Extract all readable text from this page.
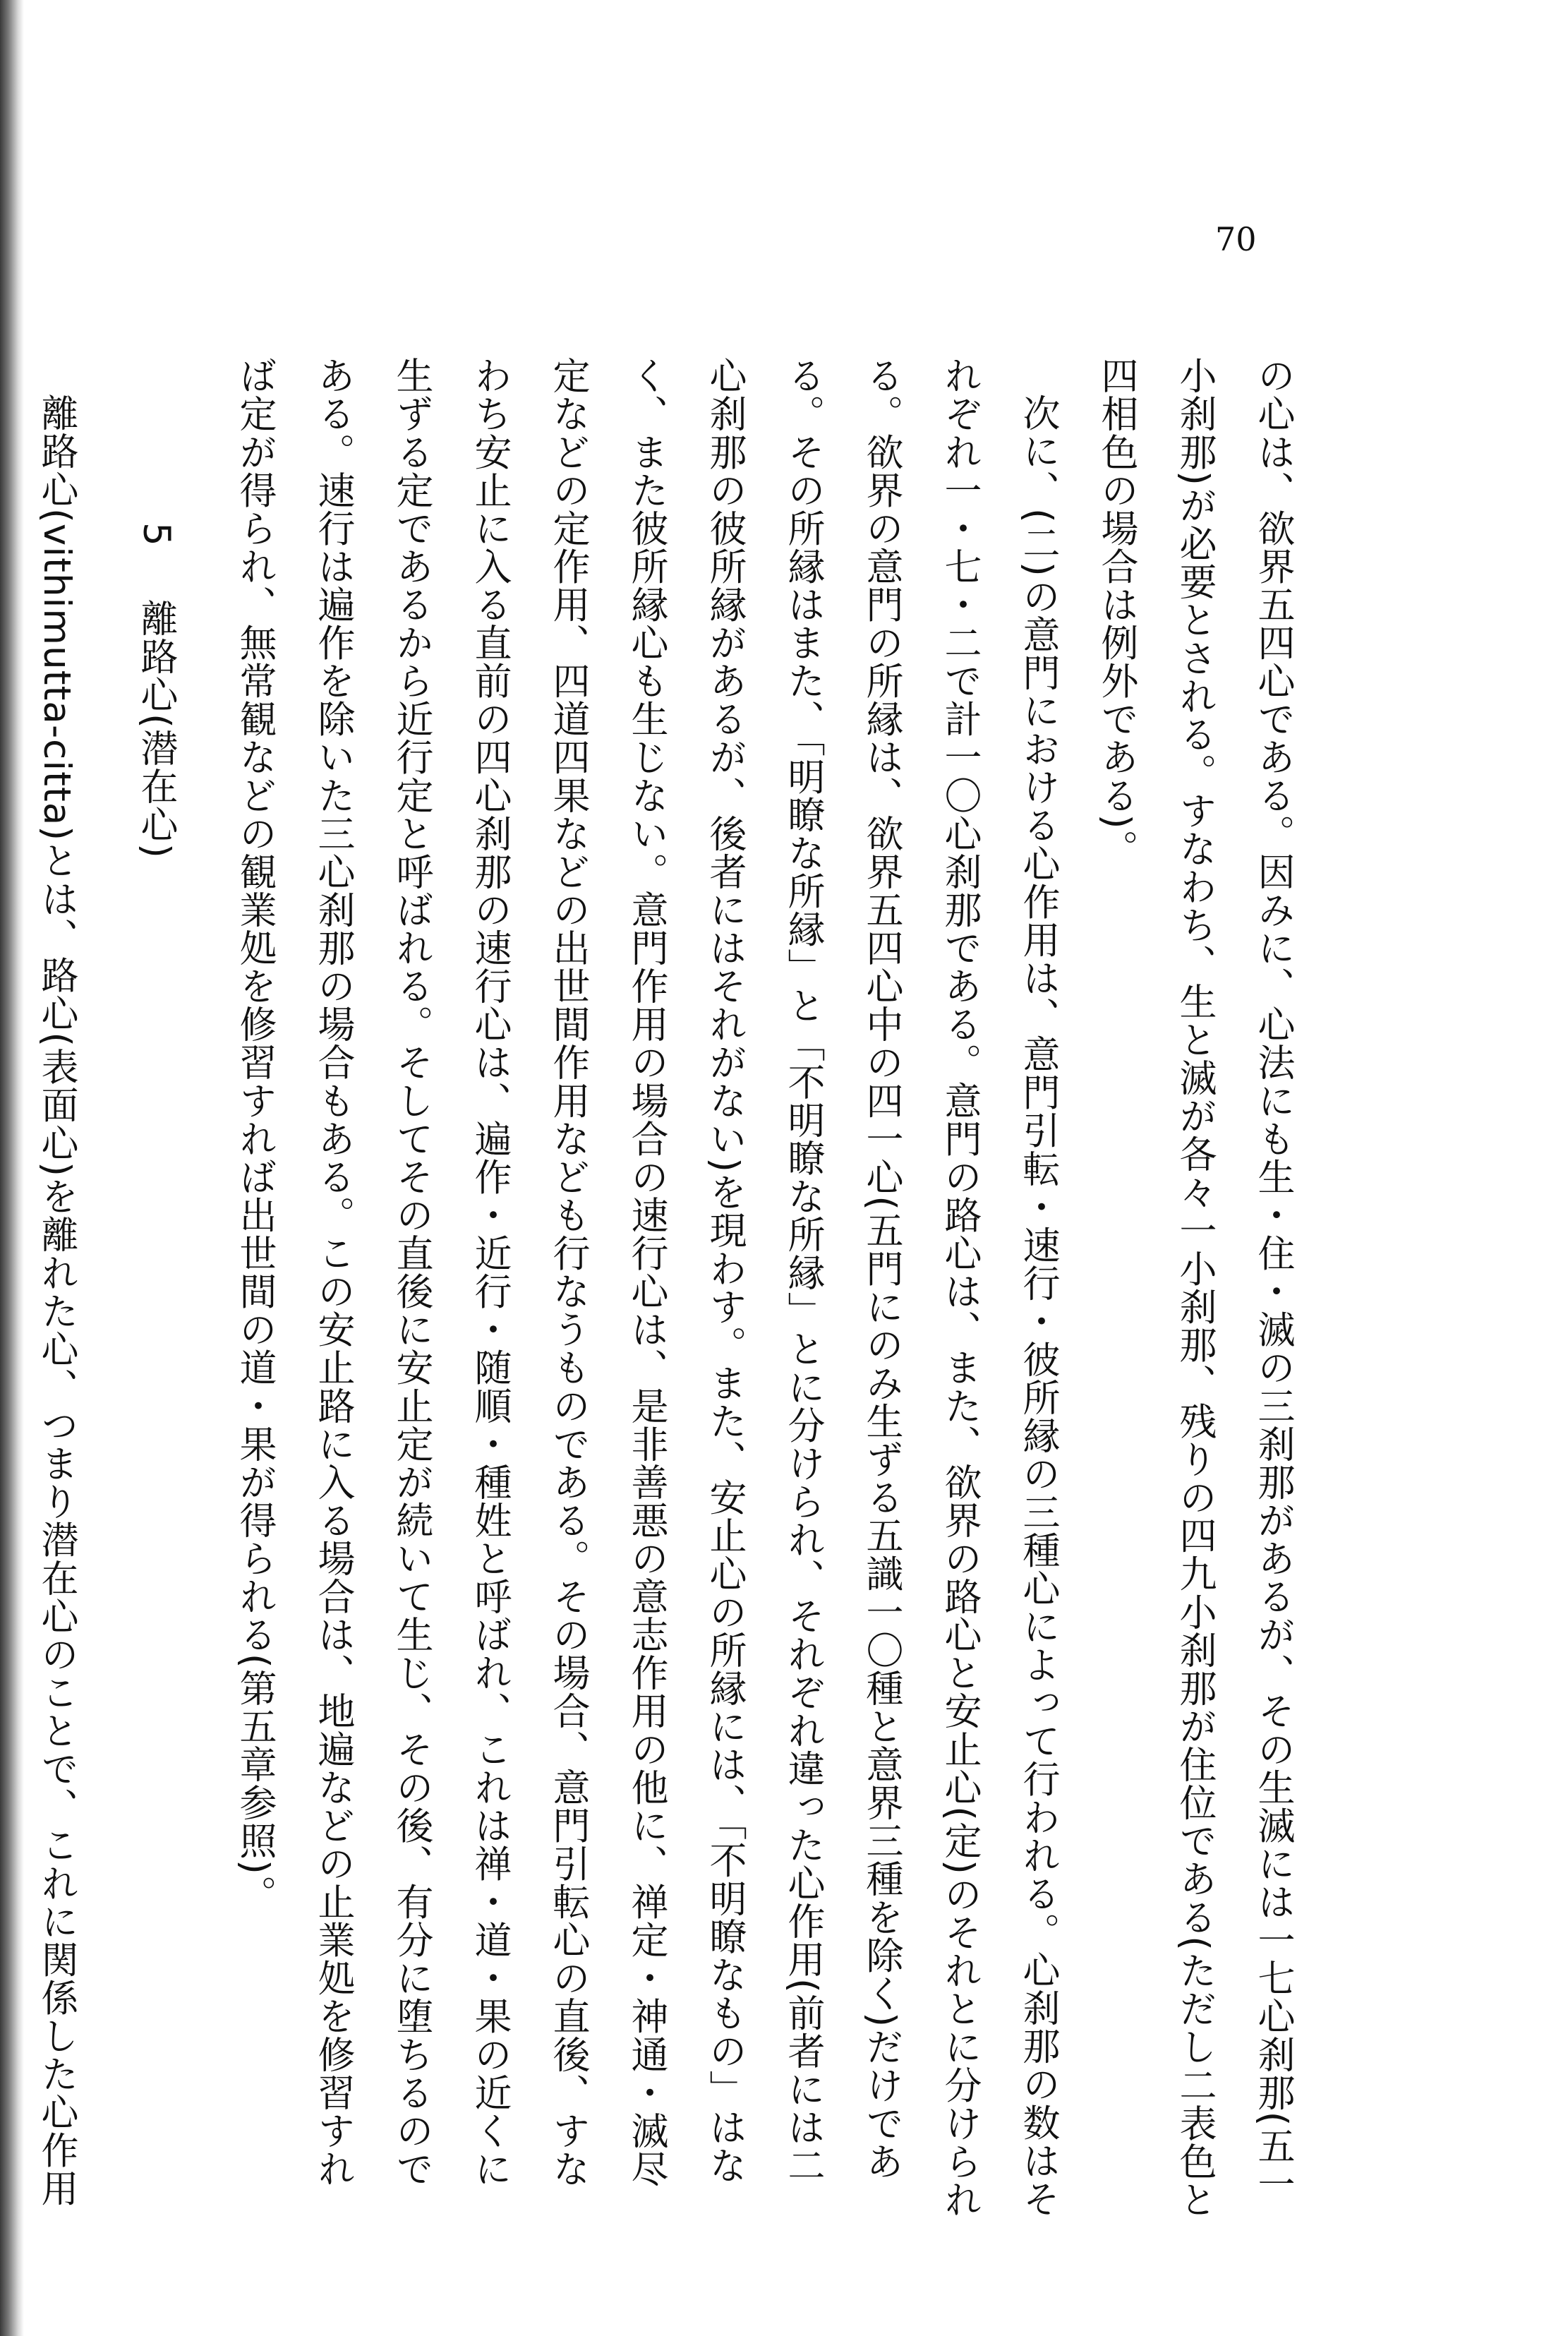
70

の心は、欲界五四心である。因みに、心法にも生・住・滅の三刹那があるが、その生滅には一七心刹那(五一小刹那)が必要とされる。すなわち、生と滅が各々一小刹那、残りの四九小刹那が住位である(ただし二表色と四相色の場合は例外である)。

次に、(二)の意門における心作用は、意門引転・速行・彼所縁の三種心によって行われる。心刹那の数はそれぞれ一・七・二で計一〇心刹那である。意門の路心は、また、欲界の路心と安止心(定)のそれとに分けられる。欲界の意門の所縁は、欲界五四心中の四一心(五門にのみ生ずる五識一〇種と意界三種を除く)だけである。その所縁はまた、「明瞭な所縁」と「不明瞭な所縁」とに分けられ、それぞれ違った心作用(前者には二心刹那の彼所縁があるが、後者にはそれがない)を現わす。また、安止心の所縁には、「不明瞭なもの」はなく、また彼所縁心も生じない。意門作用の場合の速行心は、是非善悪の意志作用の他に、禅定・神通・滅尽定などの定作用、四道四果などの出世間作用なども行なうものである。その場合、意門引転心の直後、すなわち安止に入る直前の四心刹那の速行心は、遍作・近行・随順・種姓と呼ばれ、これは禅・道・果の近くに生ずる定であるから近行定と呼ばれる。そしてその直後に安止定が続いて生じ、その後、有分に堕ちるのである。速行は遍作を除いた三心刹那の場合もある。この安止路に入る場合は、地遍などの止業処を修習すれば定が得られ、無常観などの観業処を修習すれば出世間の道・果が得られる(第五章参照)。

5離路心(潜在心)

離路心(vithimutta-citta)とは、路心(表面心)を離れた心、つまり潜在心のことで、これに関係した心作用
